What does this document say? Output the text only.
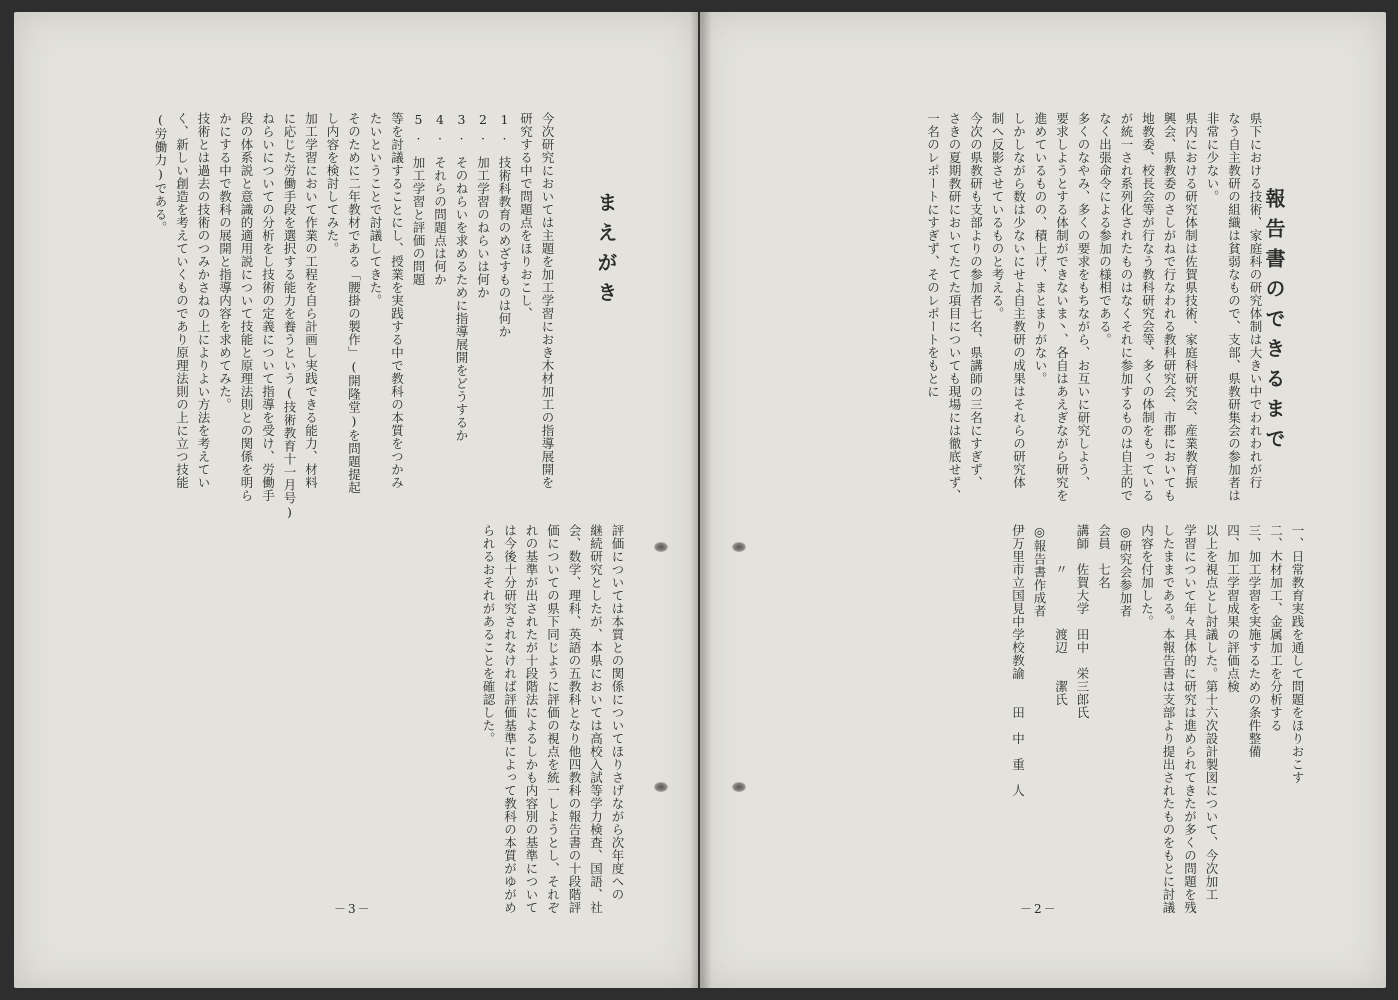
まえがき

今次研究においては主題を加工学習におき木材加工の指導展開を

研究する中で問題点をほりおこし、

1.　技術科教育のめざすものは何か

2.　加工学習のねらいは何か

3.　そのねらいを求めるために指導展開をどうするか

4.　それらの問題点は何か

5.　加工学習と評価の問題

等を討議することにし、授業を実践する中で教科の本質をつかみ

たいということで討議してきた。

そのために二年教材である「腰掛の製作」(開隆堂)を問題提起

し内容を検討してみた。

加工学習において作業の工程を自ら計画し実践できる能力、材料

に応じた労働手段を選択する能力を養うという(技術教育十一月号)

ねらいについての分析をし技術の定義について指導を受け、労働手

段の体系説と意識的適用説について技能と原理法則との関係を明ら

かにする中で教科の展開と指導内容を求めてみた。

技術とは過去の技術のつみかさねの上によりよい方法を考えてい

く、新しい創造を考えていくものであり原理法則の上に立つ技能

(労働力)である。

評価については本質との関係についてほりさげながら次年度への

継続研究としたが、本県においては高校入試等学力検査、国語、社

会、数学、理科、英語の五教科となり他四教科の報告書の十段階評

価についての県下同じように評価の視点を統一しようとし、それぞ

れの基準が出されたが十段階法によるしかも内容別の基準について

は今後十分研究されなければ評価基準によって教科の本質がゆがめ

られるおそれがあることを確認した。

－3－
報告書のできるまで

県下における技術、家庭科の研究体制は大きい中でわれわれが行

なう自主教研の組織は貧弱なもので、支部、県教研集会の参加者は

非常に少ない。

県内における研究体制は佐賀県技術、家庭科研究会、産業教育振

興会、県教委のさしがねで行なわれる教科研究会、市郡においても

地教委、校長会等が行なう教科研究会等、多くの体制をもっている

が統一され系列化されたものはなくそれに参加するものは自主的で

なく出張命令による参加の様相である。

多くのなやみ、多くの要求をもちながら、お互いに研究しよう、

要求しようとする体制ができないま丶、各自はあえぎながら研究を

進めているものの、積上げ、まとまりがない。

しかしながら数は少ないにせよ自主教研の成果はそれらの研究体

制へ反影させているものと考える。

今次の県教研も支部よりの参加者七名、県講師の三名にすぎず、

さきの夏期教研においてたてた項目についても現場には徹底せず、

一名のレポートにすぎず、そのレポートをもとに

一、日常教育実践を通して問題をほりおこす

二、木材加工、金属加工を分析する

三、加工学習を実施するための条件整備

四、加工学習成果の評価点検

以上を視点とし討議した。第十六次設計製図について、今次加工

学習について年々具体的に研究は進められてきたが多くの問題を残

したままである。本報告書は支部より提出されたものをもとに討議

内容を付加した。

◎研究会参加者

会員　七名

講師　佐賀大学　田中　栄三郎氏

　　　〃　　　　渡辺　　潔氏

◎報告書作成者

伊万里市立国見中学校教諭　　田　中　重　人

－2－
